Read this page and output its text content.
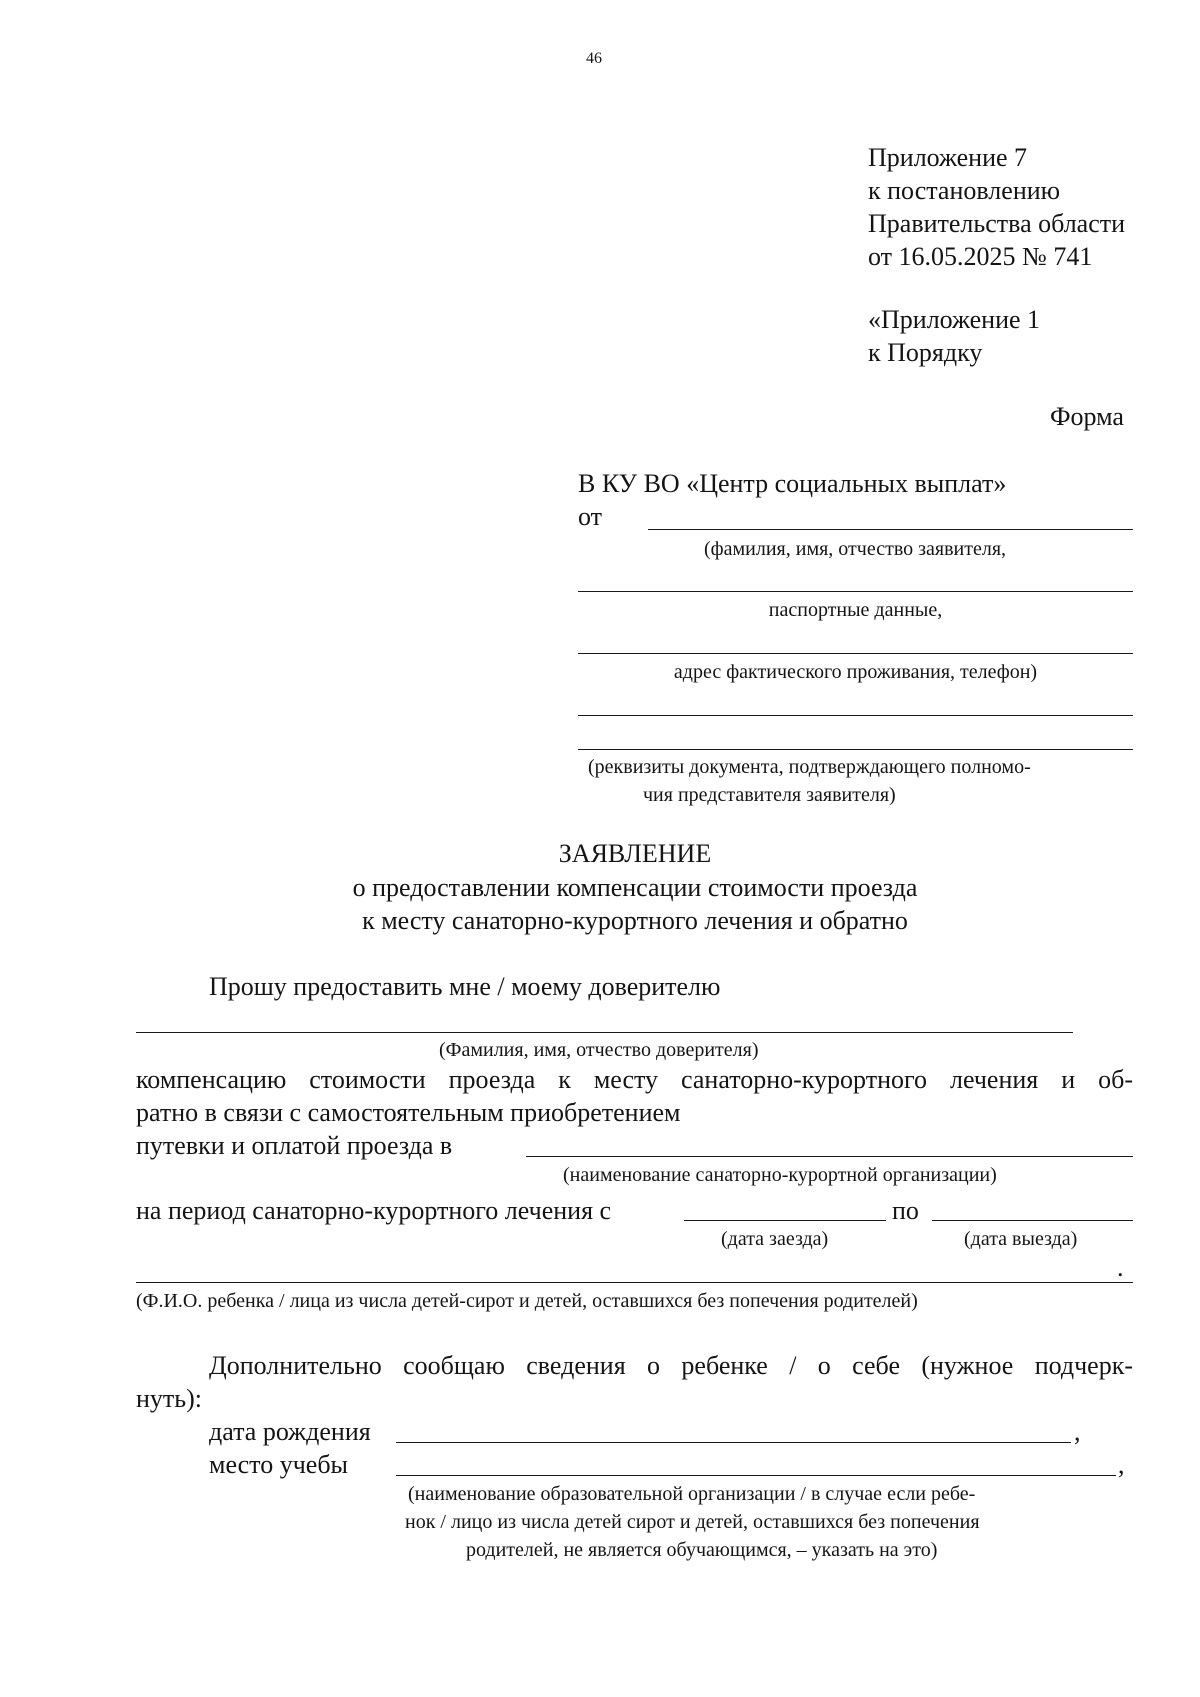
46
Приложение 7
к постановлению
Правительства области
от 16.05.2025 № 741
«Приложение 1
к Порядку
Форма
В КУ ВО «Центр социальных выплат»
от
(фамилия, имя, отчество заявителя,
паспортные данные,
адрес фактического проживания, телефон)
(реквизиты документа, подтверждающего полномо-
чия представителя заявителя)
ЗАЯВЛЕНИЕ
о предоставлении компенсации стоимости проезда
к месту санаторно-курортного лечения и обратно
Прошу предоставить мне / моему доверителю
(Фамилия, имя, отчество доверителя)
компенсацию стоимости проезда к месту санаторно-курортного лечения и об-
ратно в связи с самостоятельным приобретением
путевки и оплатой проезда в
(наименование санаторно-курортной организации)
на период санаторно-курортного лечения с	по
(дата заезда)	(дата выезда)
.
(Ф.И.О. ребенка / лица из числа детей-сирот и детей, оставшихся без попечения родителей)
Дополнительно сообщаю сведения о ребенке / о себе (нужное подчерк-
нуть):
дата рождения	,
место учебы	,
(наименование образовательной организации / в случае если ребе-
нок / лицо из числа детей сирот и детей, оставшихся без попечения
родителей, не является обучающимся, – указать на это)
